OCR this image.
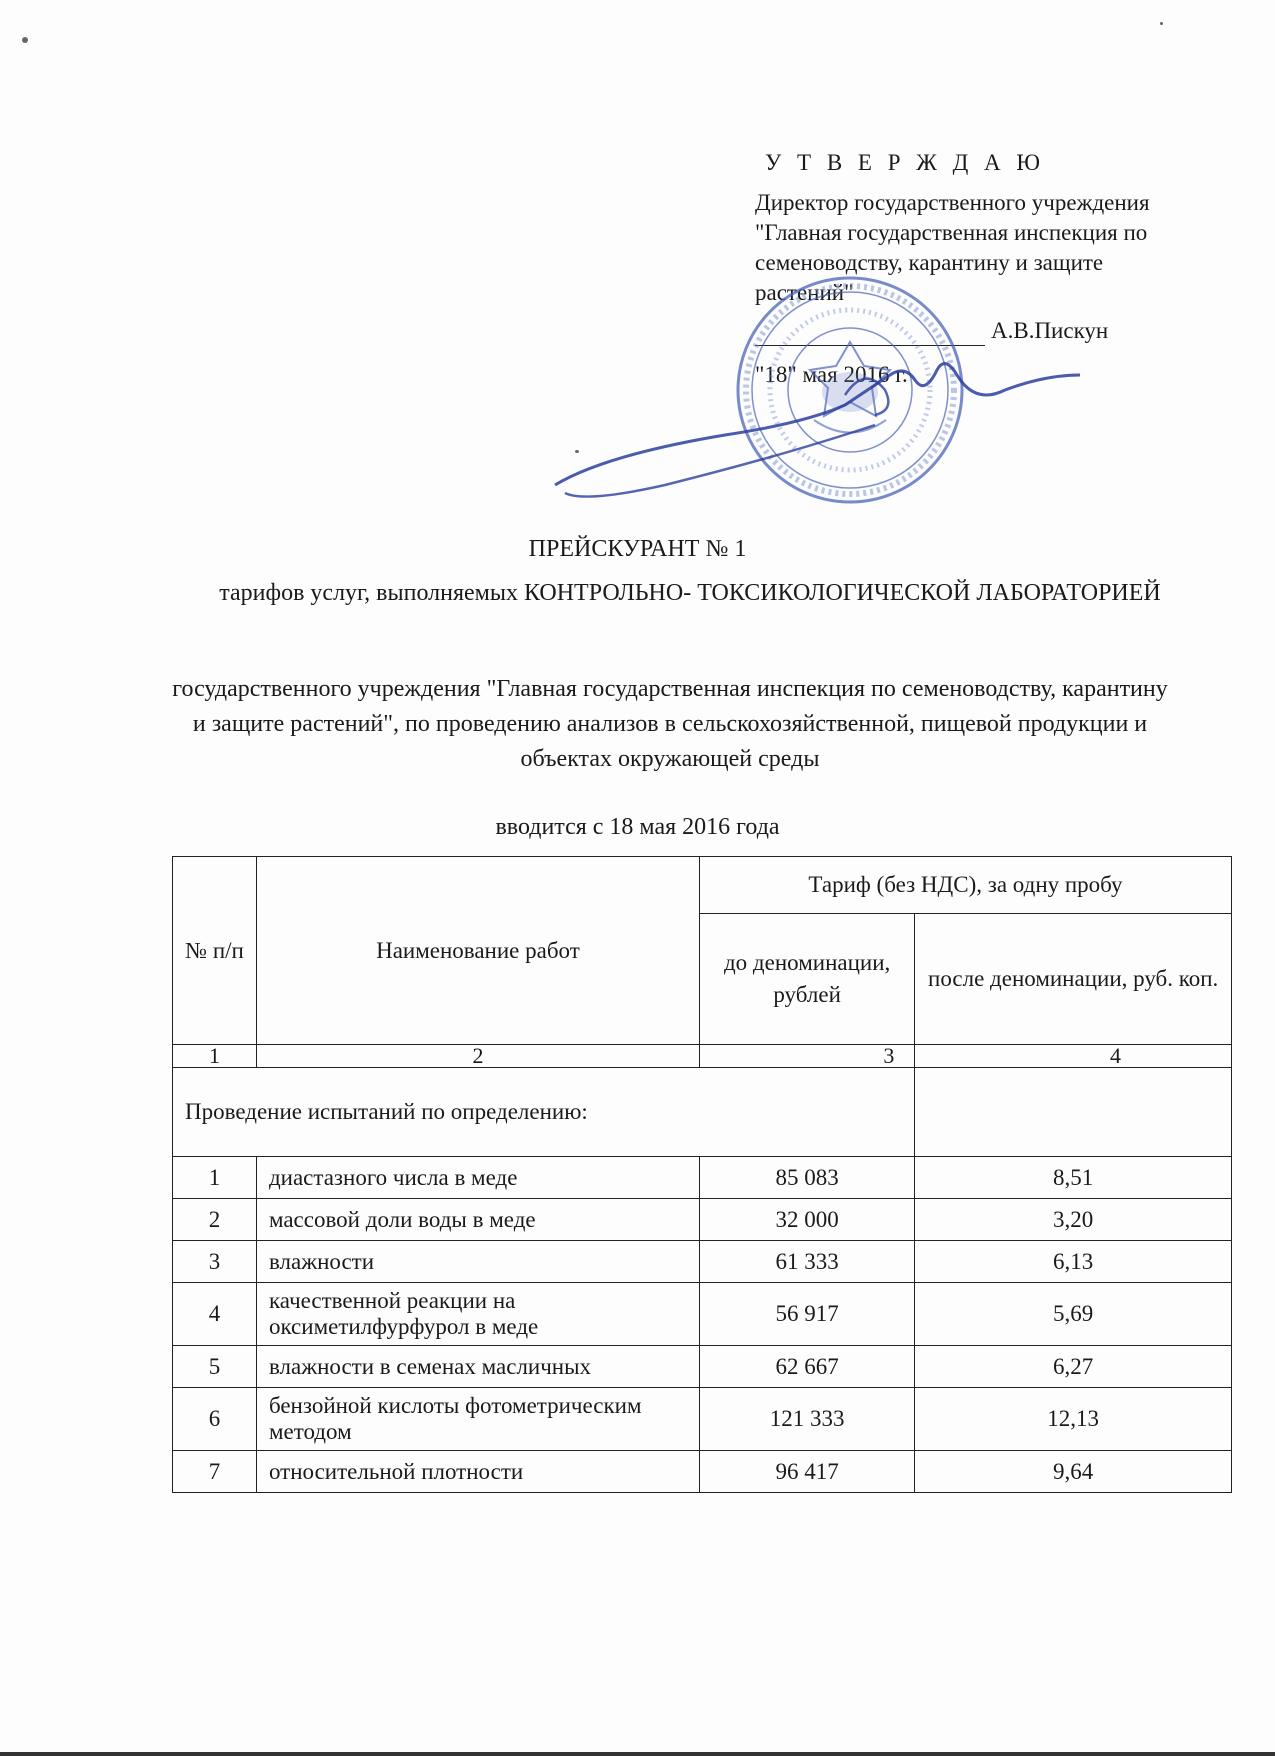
У Т В Е Р Ж Д А Ю
Директор государственного учреждения "Главная государственная инспекция по семеноводству, карантину и защите растений"
А.В.Пискун
"18" мая 2016 г.
ПРЕЙСКУРАНТ № 1
тарифов услуг, выполняемых КОНТРОЛЬНО- ТОКСИКОЛОГИЧЕСКОЙ ЛАБОРАТОРИЕЙ
государственного учреждения "Главная государственная инспекция по семеноводству, карантину и защите растений", по проведению анализов в сельскохозяйственной, пищевой продукции и объектах окружающей среды
вводится с 18 мая 2016 года
№ п/п	Наименование работ	Тариф (без НДС), за одну пробу	
		до деноминации, рублей	после деноминации, руб. коп.
1	2	3	4
Проведение испытаний по определению:			
1	диастазного числа в меде	85 083	8,51
2	массовой доли воды в меде	32 000	3,20
3	влажности	61 333	6,13
4	качественной реакции на оксиметилфурфурол в меде	56 917	5,69
5	влажности в семенах масличных	62 667	6,27
6	бензойной кислоты фотометрическим методом	121 333	12,13
7	относительной плотности	96 417	9,64
